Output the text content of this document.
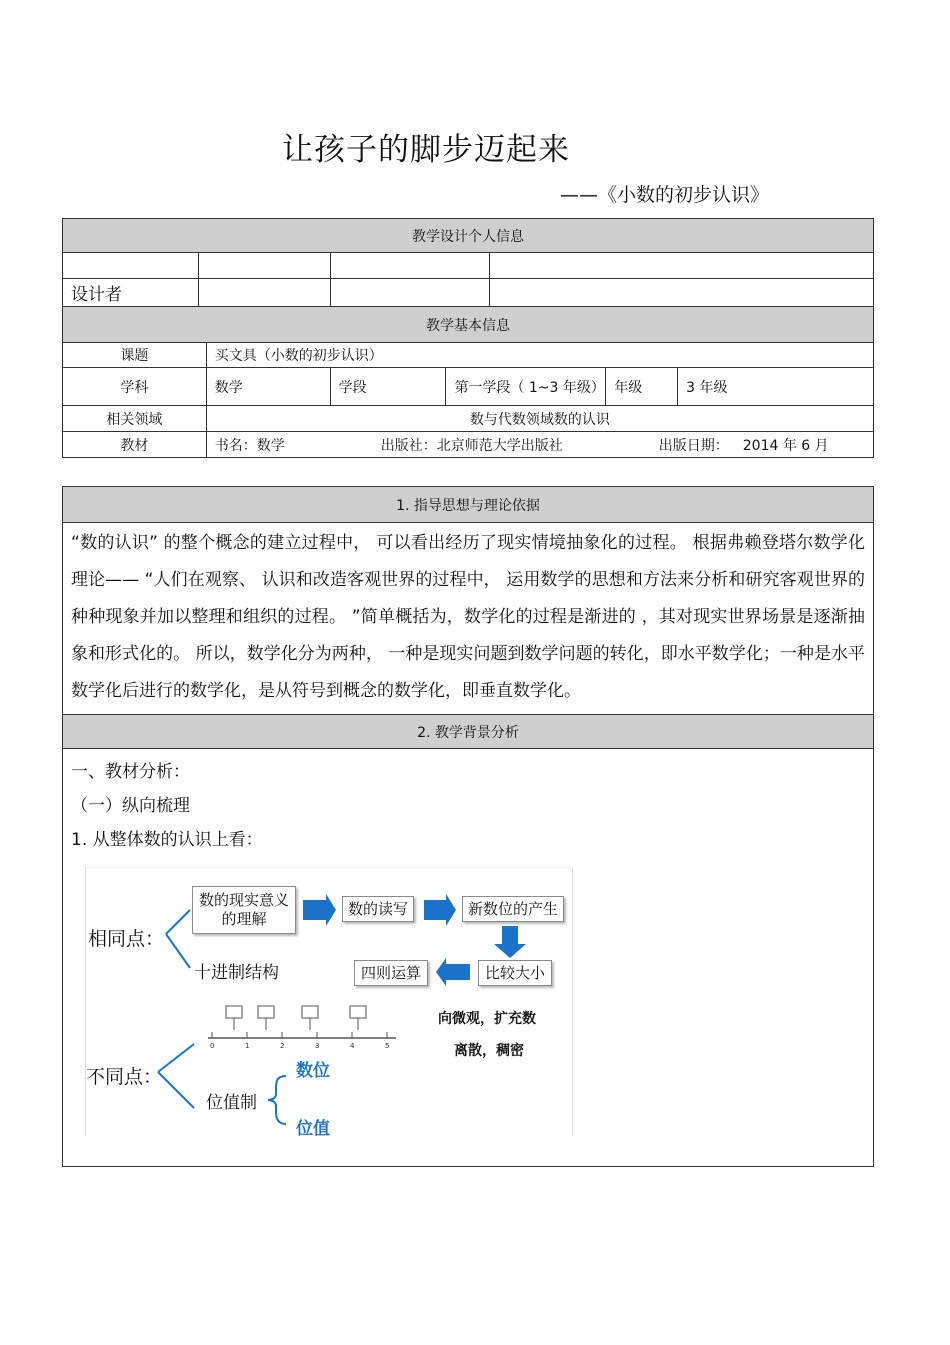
让孩子的脚步迈起来
——《小数的初步认识》
教学设计个人信息							

设计者							
教学基本信息							
课题		买文具（小数的初步认识）					
学科		数学	学段	第一学段（ 1~3 年级）		年级	3 年级
相关领域		数与代数领域数的认识					
教材		书名：数学 出版社：北京师范大学出版社 出版日期： 2014 年 6 月					
1. 指导思想与理论依据
“数的认识” 的整个概念的建立过程中， 可以看出经历了现实情境抽象化的过程。 根据弗赖登塔尔数学化理论—— “人们在观察、 认识和改造客观世界的过程中， 运用数学的思想和方法来分析和研究客观世界的种种现象并加以整理和组织的过程。 ”简单概括为，数学化的过程是渐进的 ，其对现实世界场景是逐渐抽象和形式化的。 所以，数学化分为两种， 一种是现实问题到数学问题的转化，即水平数学化；一种是水平数学化后进行的数学化，是从符号到概念的数学化，即垂直数学化。
2. 教学背景分析

一、教材分析：
（一）纵向梳理
1. 从整体数的认识上看：
0	1	2	3	4	5
相同点：
数的现实意义的理解
数的读写	新数位的产生
比较大小
四则运算
十进制结构
向微观，扩充数
离散，稠密
不同点：
位值制
数位
位值
